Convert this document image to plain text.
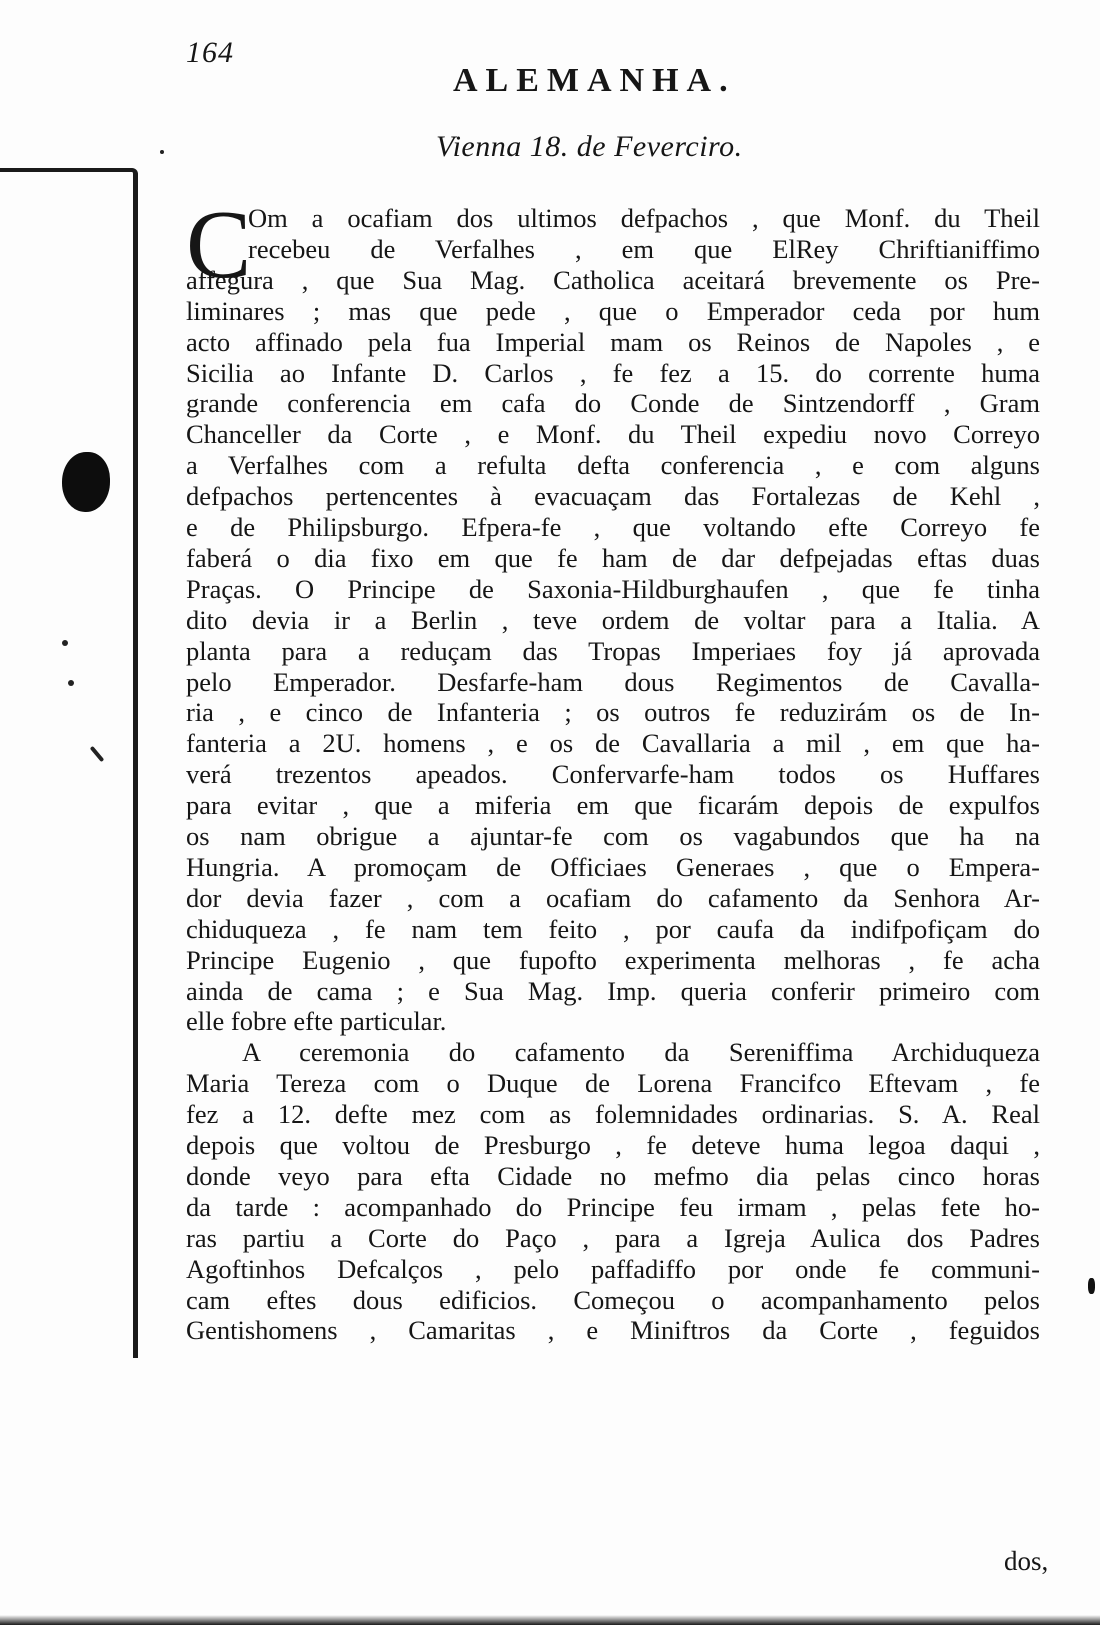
164
ALEMANHA.
Vienna 18. de Feverciro.
C
Om a ocafiam dos ultimos defpachos , que Monf. du Theil
recebeu de Verfalhes , em que ElRey Chriftianiffimo
affegura , que Sua Mag. Catholica aceitará brevemente os Pre-
liminares ; mas que pede , que o Emperador ceda por hum
acto affinado pela fua Imperial mam os Reinos de Napoles , e
Sicilia ao Infante D. Carlos , fe fez a 15. do corrente huma
grande conferencia em cafa do Conde de Sintzendorff , Gram
Chanceller da Corte , e Monf. du Theil expediu novo Correyo
a Verfalhes com a refulta defta conferencia , e com alguns
defpachos pertencentes à evacuaçam das Fortalezas de Kehl ,
e de Philipsburgo. Efpera-fe , que voltando efte Correyo fe
faberá o dia fixo em que fe ham de dar defpejadas eftas duas
Praças. O Principe de Saxonia-Hildburghaufen , que fe tinha
dito devia ir a Berlin , teve ordem de voltar para a Italia. A
planta para a reduçam das Tropas Imperiaes foy já aprovada
pelo Emperador. Desfarfe-ham dous Regimentos de Cavalla-
ria , e cinco de Infanteria ; os outros fe reduzirám os de In-
fanteria a 2U. homens , e os de Cavallaria a mil , em que ha-
verá trezentos apeados. Confervarfe-ham todos os Huffares
para evitar , que a miferia em que ficarám depois de expulfos
os nam obrigue a ajuntar-fe com os vagabundos que ha na
Hungria. A promoçam de Officiaes Generaes , que o Empera-
dor devia fazer , com a ocafiam do cafamento da Senhora Ar-
chiduqueza , fe nam tem feito , por caufa da indifpofiçam do
Principe Eugenio , que fupofto experimenta melhoras , fe acha
ainda de cama ; e Sua Mag. Imp. queria conferir primeiro com
elle fobre efte particular.
A ceremonia do cafamento da Sereniffima Archiduqueza
Maria Tereza com o Duque de Lorena Francifco Eftevam , fe
fez a 12. defte mez com as folemnidades ordinarias. S. A. Real
depois que voltou de Presburgo , fe deteve huma legoa daqui ,
donde veyo para efta Cidade no mefmo dia pelas cinco horas
da tarde : acompanhado do Principe feu irmam , pelas fete ho-
ras partiu a Corte do Paço , para a Igreja Aulica dos Padres
Agoftinhos Defcalços , pelo paffadiffo por onde fe communi-
cam eftes dous edificios. Começou o acompanhamento pelos
Gentishomens , Camaritas , e Miniftros da Corte , feguidos
dos,
